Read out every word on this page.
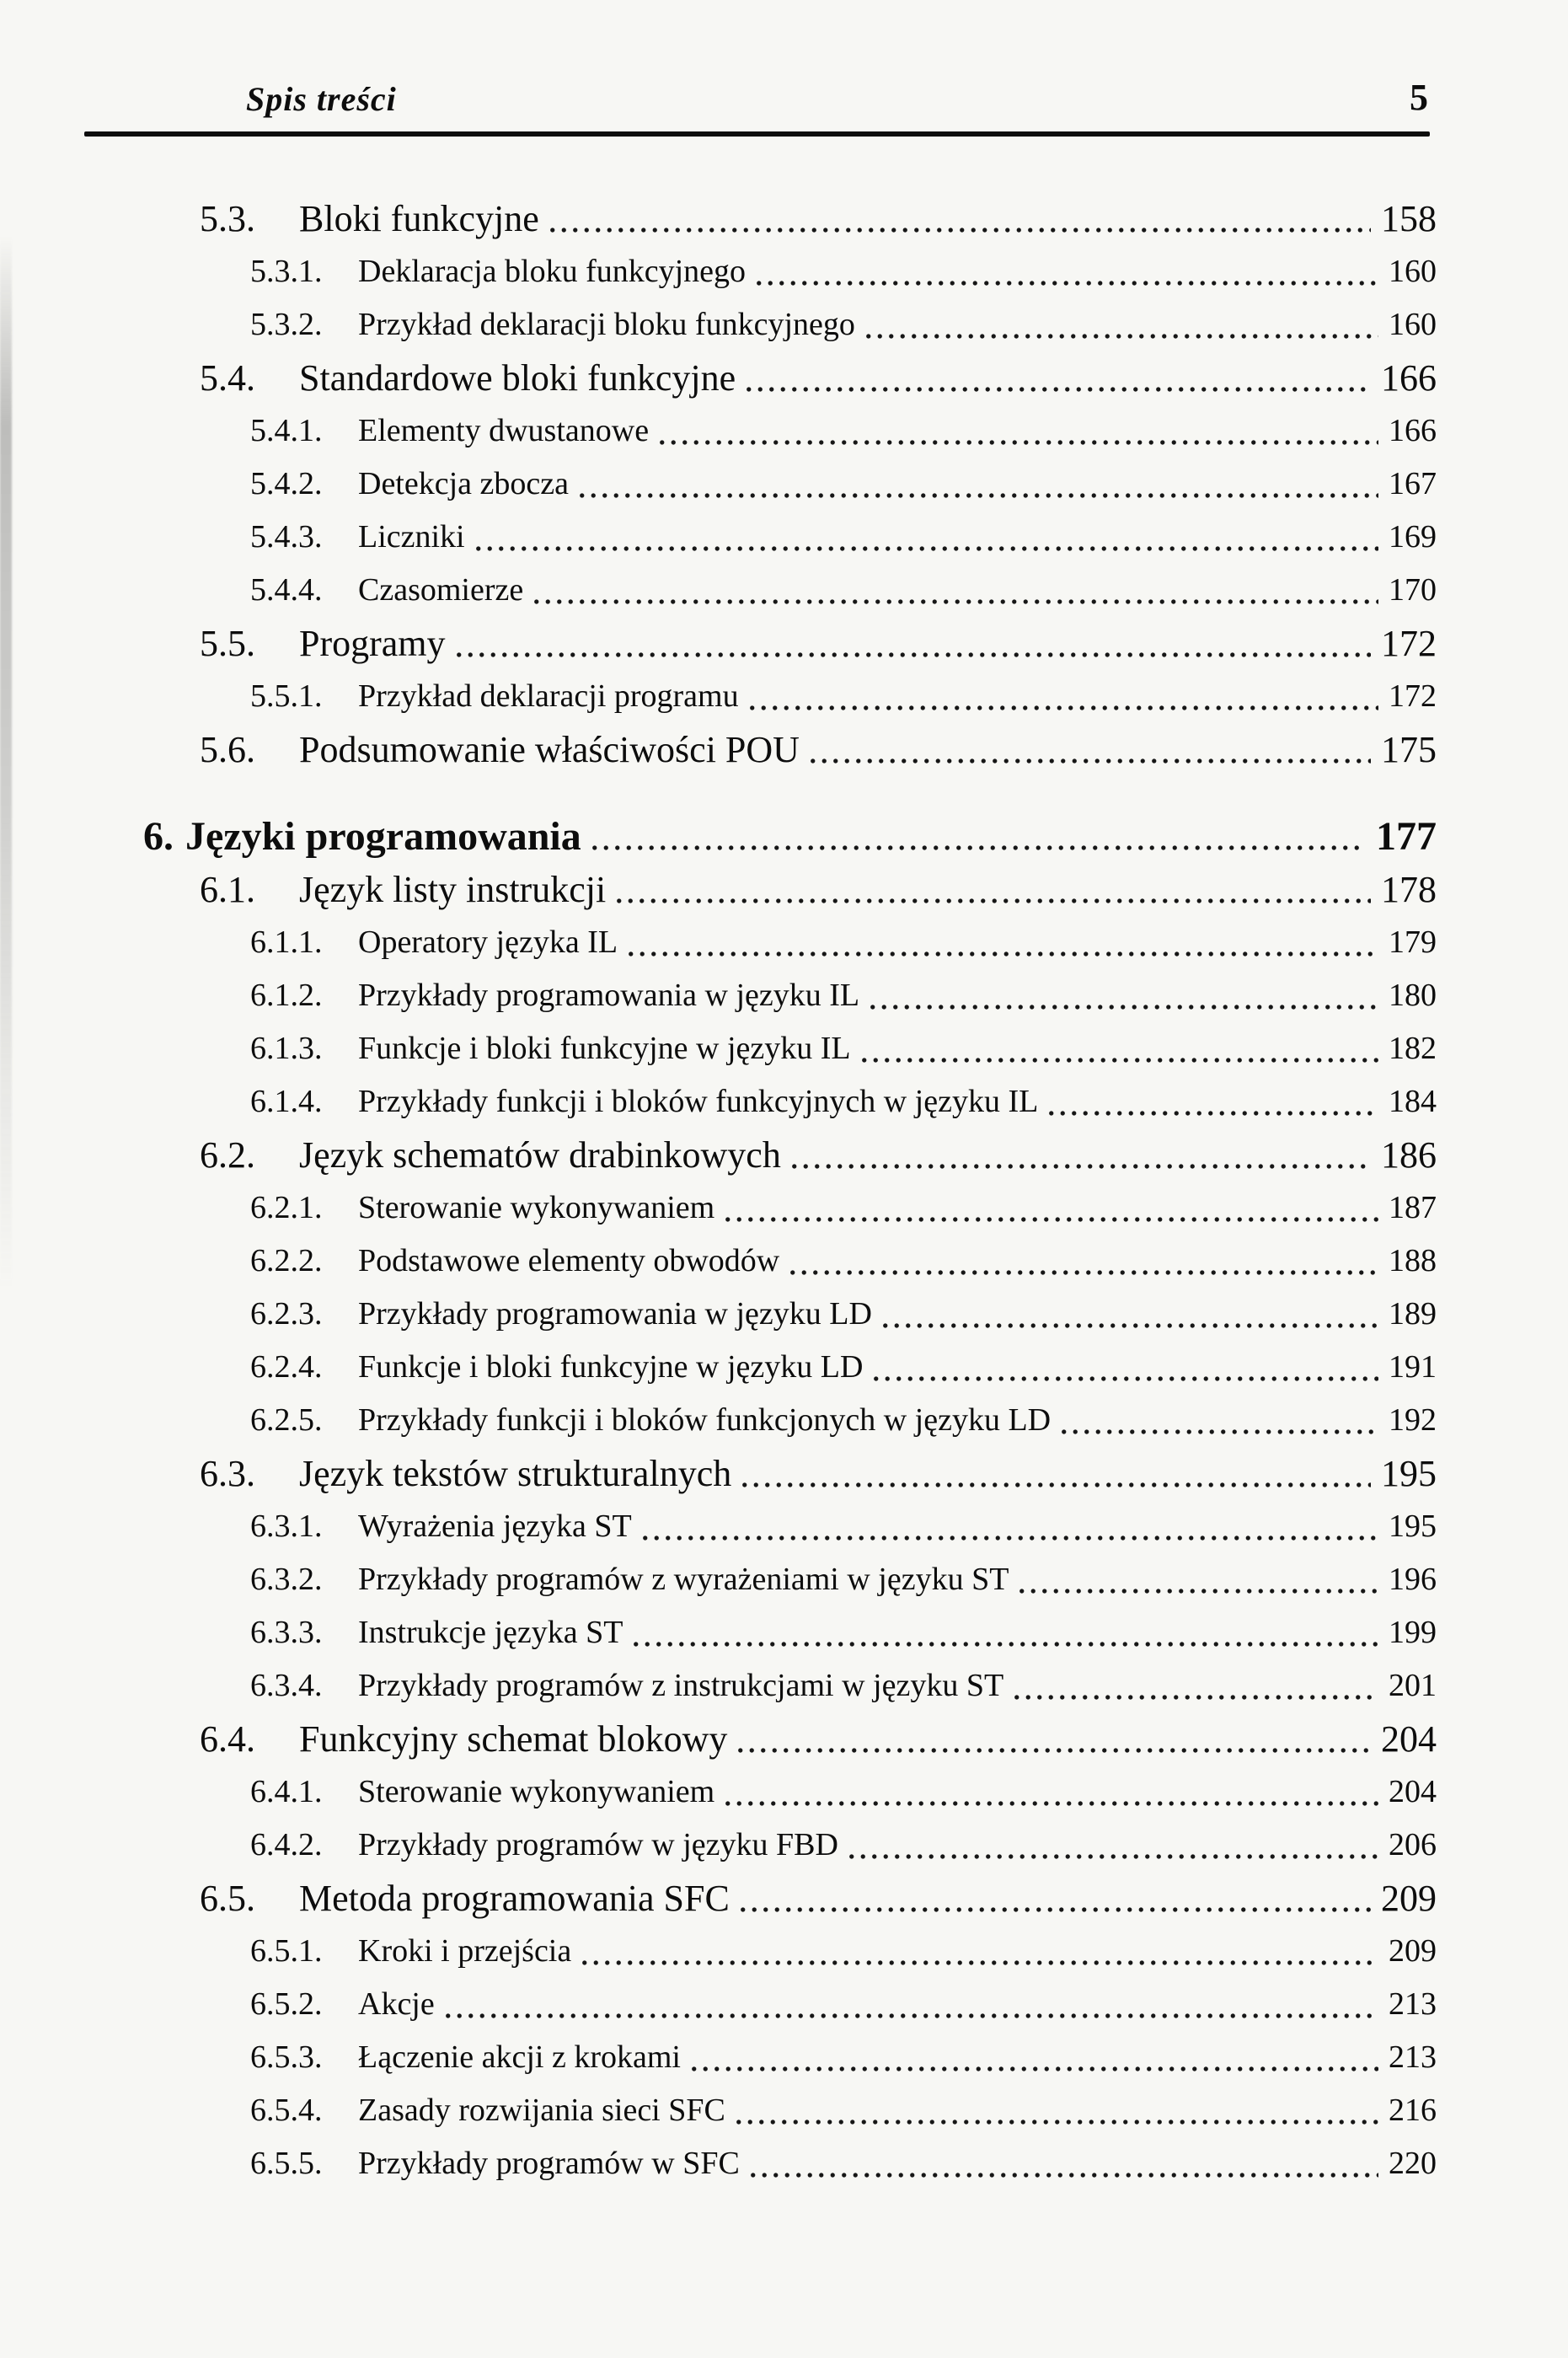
Spis treści	5
5.3.	Bloki funkcyjne	158
5.3.1.	Deklaracja bloku funkcyjnego	160
5.3.2.	Przykład deklaracji bloku funkcyjnego	160
5.4.	Standardowe bloki funkcyjne	166
5.4.1.	Elementy dwustanowe	166
5.4.2.	Detekcja zbocza	167
5.4.3.	Liczniki	169
5.4.4.	Czasomierze	170
5.5.	Programy	172
5.5.1.	Przykład deklaracji programu	172
5.6.	Podsumowanie właściwości POU	175
6. Języki programowania	177
6.1.	Język listy instrukcji	178
6.1.1.	Operatory języka IL	179
6.1.2.	Przykłady programowania w języku IL	180
6.1.3.	Funkcje i bloki funkcyjne w języku IL	182
6.1.4.	Przykłady funkcji i bloków funkcyjnych w języku IL	184
6.2.	Język schematów drabinkowych	186
6.2.1.	Sterowanie wykonywaniem	187
6.2.2.	Podstawowe elementy obwodów	188
6.2.3.	Przykłady programowania w języku LD	189
6.2.4.	Funkcje i bloki funkcyjne w języku LD	191
6.2.5.	Przykłady funkcji i bloków funkcjonych w języku LD	192
6.3.	Język tekstów strukturalnych	195
6.3.1.	Wyrażenia języka ST	195
6.3.2.	Przykłady programów z wyrażeniami w języku ST	196
6.3.3.	Instrukcje języka ST	199
6.3.4.	Przykłady programów z instrukcjami w języku ST	201
6.4.	Funkcyjny schemat blokowy	204
6.4.1.	Sterowanie wykonywaniem	204
6.4.2.	Przykłady programów w języku FBD	206
6.5.	Metoda programowania SFC	209
6.5.1.	Kroki i przejścia	209
6.5.2.	Akcje	213
6.5.3.	Łączenie akcji z krokami	213
6.5.4.	Zasady rozwijania sieci SFC	216
6.5.5.	Przykłady programów w SFC	220
